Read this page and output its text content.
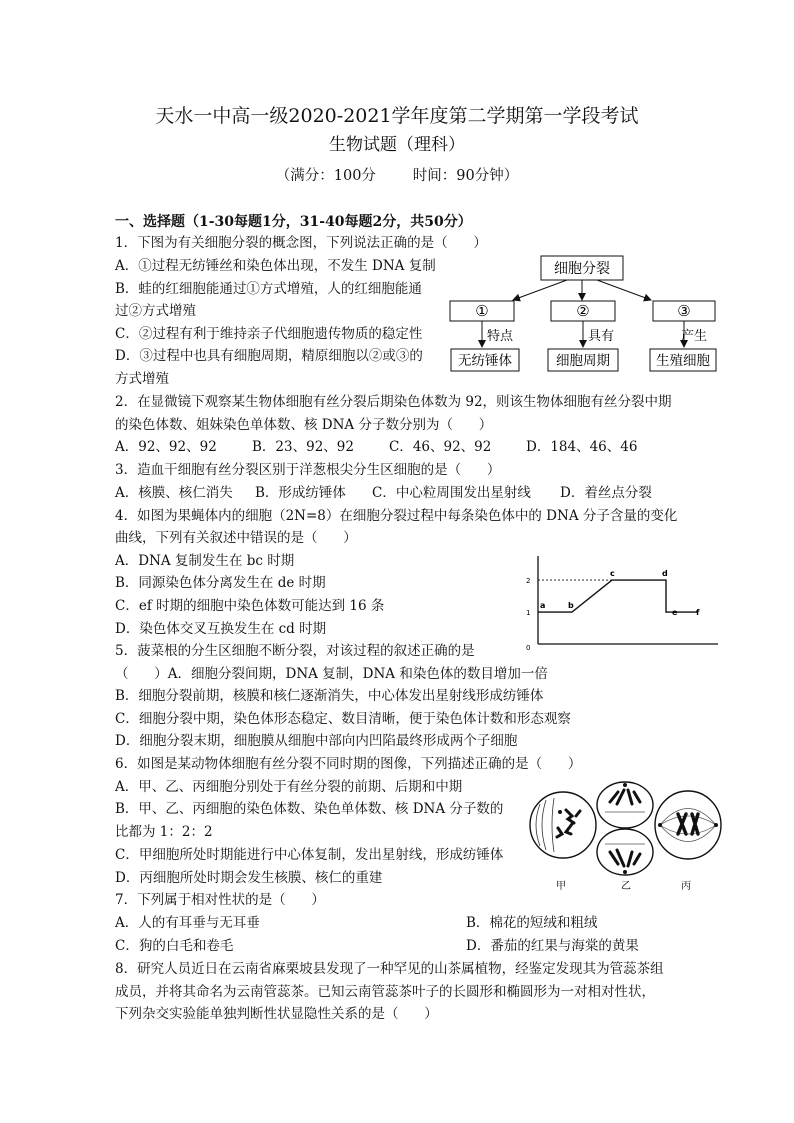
天水一中高一级2020-2021学年度第二学期第一学段考试
生物试题（理科）
（满分：100分        时间：90分钟）
一、选择题（1-30每题1分，31-40每题2分，共50分）
1．下图为有关细胞分裂的概念图，下列说法正确的是（      ）
A．①过程无纺锤丝和染色体出现，不发生 DNA 复制
B．蛙的红细胞能通过①方式增殖，人的红细胞能通
过②方式增殖
C．②过程有利于维持亲子代细胞遗传物质的稳定性
D．③过程中也具有细胞周期，精原细胞以②或③的
方式增殖
细胞分裂
①	②	③
特点	具有	产生
无纺锤体	细胞周期	生殖细胞
2．在显微镜下观察某生物体细胞有丝分裂后期染色体数为 92，则该生物体细胞有丝分裂中期
的染色体数、姐妹染色单体数、核 DNA 分子数分别为（      ）
A．92、92、92	B．23、92、92	C．46、92、92	D．184、46、46
3．造血干细胞有丝分裂区别于洋葱根尖分生区细胞的是（      ）
A．核膜、核仁消失 B．形成纺锤体 C．中心粒周围发出星射线 D．着丝点分裂
4．如图为果蝇体内的细胞（2N=8）在细胞分裂过程中每条染色体中的 DNA 分子含量的变化
曲线，下列有关叙述中错误的是（      ）
A．DNA 复制发生在 bc 时期
B．同源染色体分离发生在 de 时期
C．ef 时期的细胞中染色体数可能达到 16 条
D．染色体交叉互换发生在 cd 时期
0
1
2
a	b
c	d
e f
5．菠菜根的分生区细胞不断分裂，对该过程的叙述正确的是
（      ）A．细胞分裂间期，DNA 复制，DNA 和染色体的数目增加一倍
B．细胞分裂前期，核膜和核仁逐渐消失，中心体发出星射线形成纺锤体
C．细胞分裂中期，染色体形态稳定、数目清晰，便于染色体计数和形态观察
D．细胞分裂末期，细胞膜从细胞中部向内凹陷最终形成两个子细胞
6．如图是某动物体细胞有丝分裂不同时期的图像，下列描述正确的是（      ）
A．甲、乙、丙细胞分别处于有丝分裂的前期、后期和中期
B．甲、乙、丙细胞的染色体数、染色单体数、核 DNA 分子数的
比都为 1：2：2
C．甲细胞所处时期能进行中心体复制，发出星射线，形成纺锤体
D．丙细胞所处时期会发生核膜、核仁的重建
甲	乙	丙
7．下列属于相对性状的是（      ）
A．人的有耳垂与无耳垂	B．棉花的短绒和粗绒
C．狗的白毛和卷毛	D．番茄的红果与海棠的黄果
8．研究人员近日在云南省麻栗坡县发现了一种罕见的山茶属植物，经鉴定发现其为管蕊茶组
成员，并将其命名为云南管蕊茶。已知云南管蕊茶叶子的长圆形和椭圆形为一对相对性状，
下列杂交实验能单独判断性状显隐性关系的是（      ）
